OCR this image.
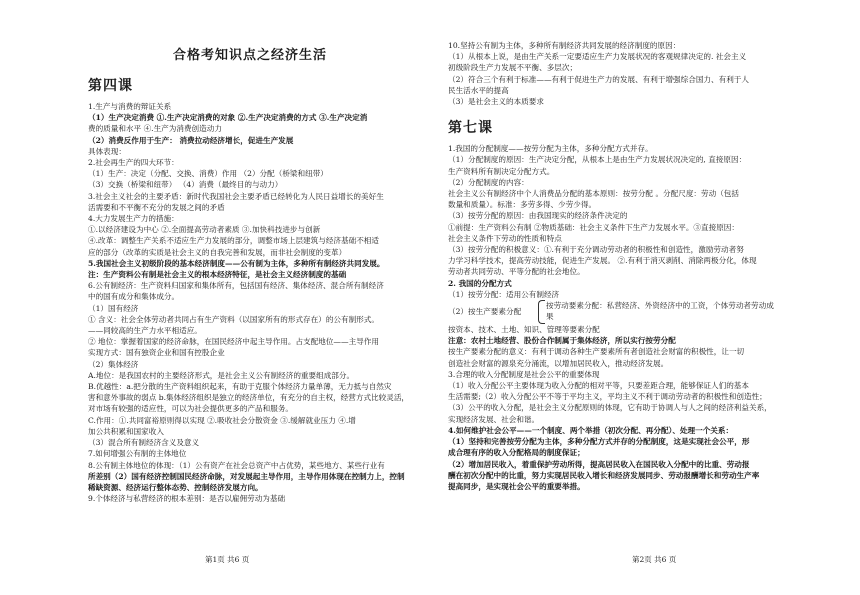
合格考知识点之经济生活
第四课
1.生产与消费的辩证关系
（1）生产决定消费 ①.生产决定消费的对象 ②.生产决定消费的方式 ③.生产决定消
费的质量和水平 ④.生产为消费创造动力
（2）消费反作用于生产： 消费拉动经济增长，促进生产发展
具体表现：
2.社会再生产的四大环节：
（1）生产：决定（分配、交换、消费）作用 （2）分配（桥梁和纽带）
（3）交换（桥梁和纽带） （4）消费（最终目的与动力）
3.社会主义社会的主要矛盾：新时代我国社会主要矛盾已经转化为人民日益增长的美好生
活需要和不平衡不充分的发展之间的矛盾
4.大力发展生产力的措施：
①.以经济建设为中心 ②.全面提高劳动者素质 ③.加快科技进步与创新
④.改革：调整生产关系不适应生产力发展的部分，调整市场上层建筑与经济基础不相适
应的部分（改革的实质是社会主义的自我完善和发展，而非社会制度的变革）
5.我国社会主义初级阶段的基本经济制度——公有制为主体，多种所有制经济共同发展。
注：生产资料公有制是社会主义的根本经济特征，是社会主义经济制度的基础
6.公有制经济：生产资料归国家和集体所有，包括国有经济、集体经济、混合所有制经济
中的国有成分和集体成分。
（1）国有经济
① 含义：社会全体劳动者共同占有生产资料（以国家所有的形式存在）的公有制形式。
——同较高的生产力水平相适应。
② 地位：掌握着国家的经济命脉，在国民经济中起主导作用。占支配地位——主导作用
实现方式：国有独资企业和国有控股企业
（2）集体经济
A.地位：是我国农村的主要经济形式，是社会主义公有制经济的重要组成部分。
B.优越性：a.把分散的生产资料组织起来，有助于克服个体经济力量单薄，无力抵与自然灾
害和意外事故的弱点 b.集体经济组织是独立的经济单位，有充分的自主权，经营方式比较灵活，
对市场有较强的适应性，可以为社会提供更多的产品和服务。
C.作用：①.共同富裕原则得以实现 ②.吸收社会分散资金 ③.缓解就业压力 ④.增
加公共积累和国家收入
（3）混合所有制经济含义及意义
7.如何增强公有制的主体地位
8.公有制主体地位的体现：（1）公有资产在社会总资产中占优势，某些地方、某些行业有
所差别（2）国有经济控制国民经济命脉，对发展起主导作用，主导作用体现在控制力上，控制
稀缺资源、经济运行整体态势、控制经济发展方向。
9.个体经济与私营经济的根本差别：是否以雇佣劳动为基础
10.坚持公有制为主体，多种所有制经济共同发展的经济制度的原因：
（1）从根本上说，是由生产关系一定要适应生产力发展状况的客观规律决定的. 社会主义
初级阶段生产力发展不平衡、多层次；
（2）符合三个有利于标准——有利于促进生产力的发展、有利于增强综合国力、有利于人
民生活水平的提高
（3）是社会主义的本质要求
第七课
1.我国的分配制度——按劳分配为主体，多种分配方式并存。
（1）分配制度的原因：生产决定分配，从根本上是由生产力发展状况决定的, 直接原因：
生产资料所有制决定分配方式。
（2）分配制度的内容：
社会主义公有制经济中个人消费品分配的基本原则：按劳分配 。分配尺度：劳动（包括
数量和质量）。标准：多劳多得、少劳少得。
（3）按劳分配的原因：由我国现实的经济条件决定的
①前提：生产资料公有制 ②物质基础：社会主义条件下生产力发展水平。③直接原因：
社会主义条件下劳动的性质和特点
（3）按劳分配的积极意义：①.有利于充分调动劳动者的积极性和创造性，激励劳动者努
力学习科学技术，提高劳动技能，促进生产发展。 ②.有利于消灭剥削、消除两极分化，体现
劳动者共同劳动、平等分配的社会地位。
2. 我国的分配方式
（1）按劳分配：适用公有制经济
（2）按生产要素分配
按劳动要素分配：私营经济、外资经济中的工资，个体劳动者劳动成
果
按资本、技术、土地、知识、管理等要素分配
注意：农村土地经营、股份合作制属于集体经济，所以实行按劳分配
按生产要素分配的意义：有利于调动各种生产要素所有者创造社会财富的积极性，让一切
创造社会财富的源泉充分涌流，以增加居民收入，推动经济发展。
3.合理的收入分配制度是社会公平的重要体现
（1）收入分配公平主要体现为收入分配的相对平等，只要差距合理，能够保证人们的基本
生活需要;（2）收入分配公平不等于平均主义，平均主义不利于调动劳动者的积极性和创造性；
（3）公平的收入分配，是社会主义分配原则的体现，它有助于协调人与人之间的经济利益关系，
实现经济发展、社会和谐。
4.如何维护社会公平——一个制度、两个举措（初次分配、再分配）、处理一个关系：
（1）坚持和完善按劳分配为主体，多种分配方式并存的分配制度，这是实现社会公平，形
成合理有序的收入分配格局的制度保证；
（2）增加居民收入，着重保护劳动所得，提高居民收入在国民收入分配中的比重、劳动报
酬在初次分配中的比重，努力实现居民收入增长和经济发展同步、劳动报酬增长和劳动生产率
提高同步，是实现社会公平的重要举措。
第1页 共6 页	第2页 共6 页
